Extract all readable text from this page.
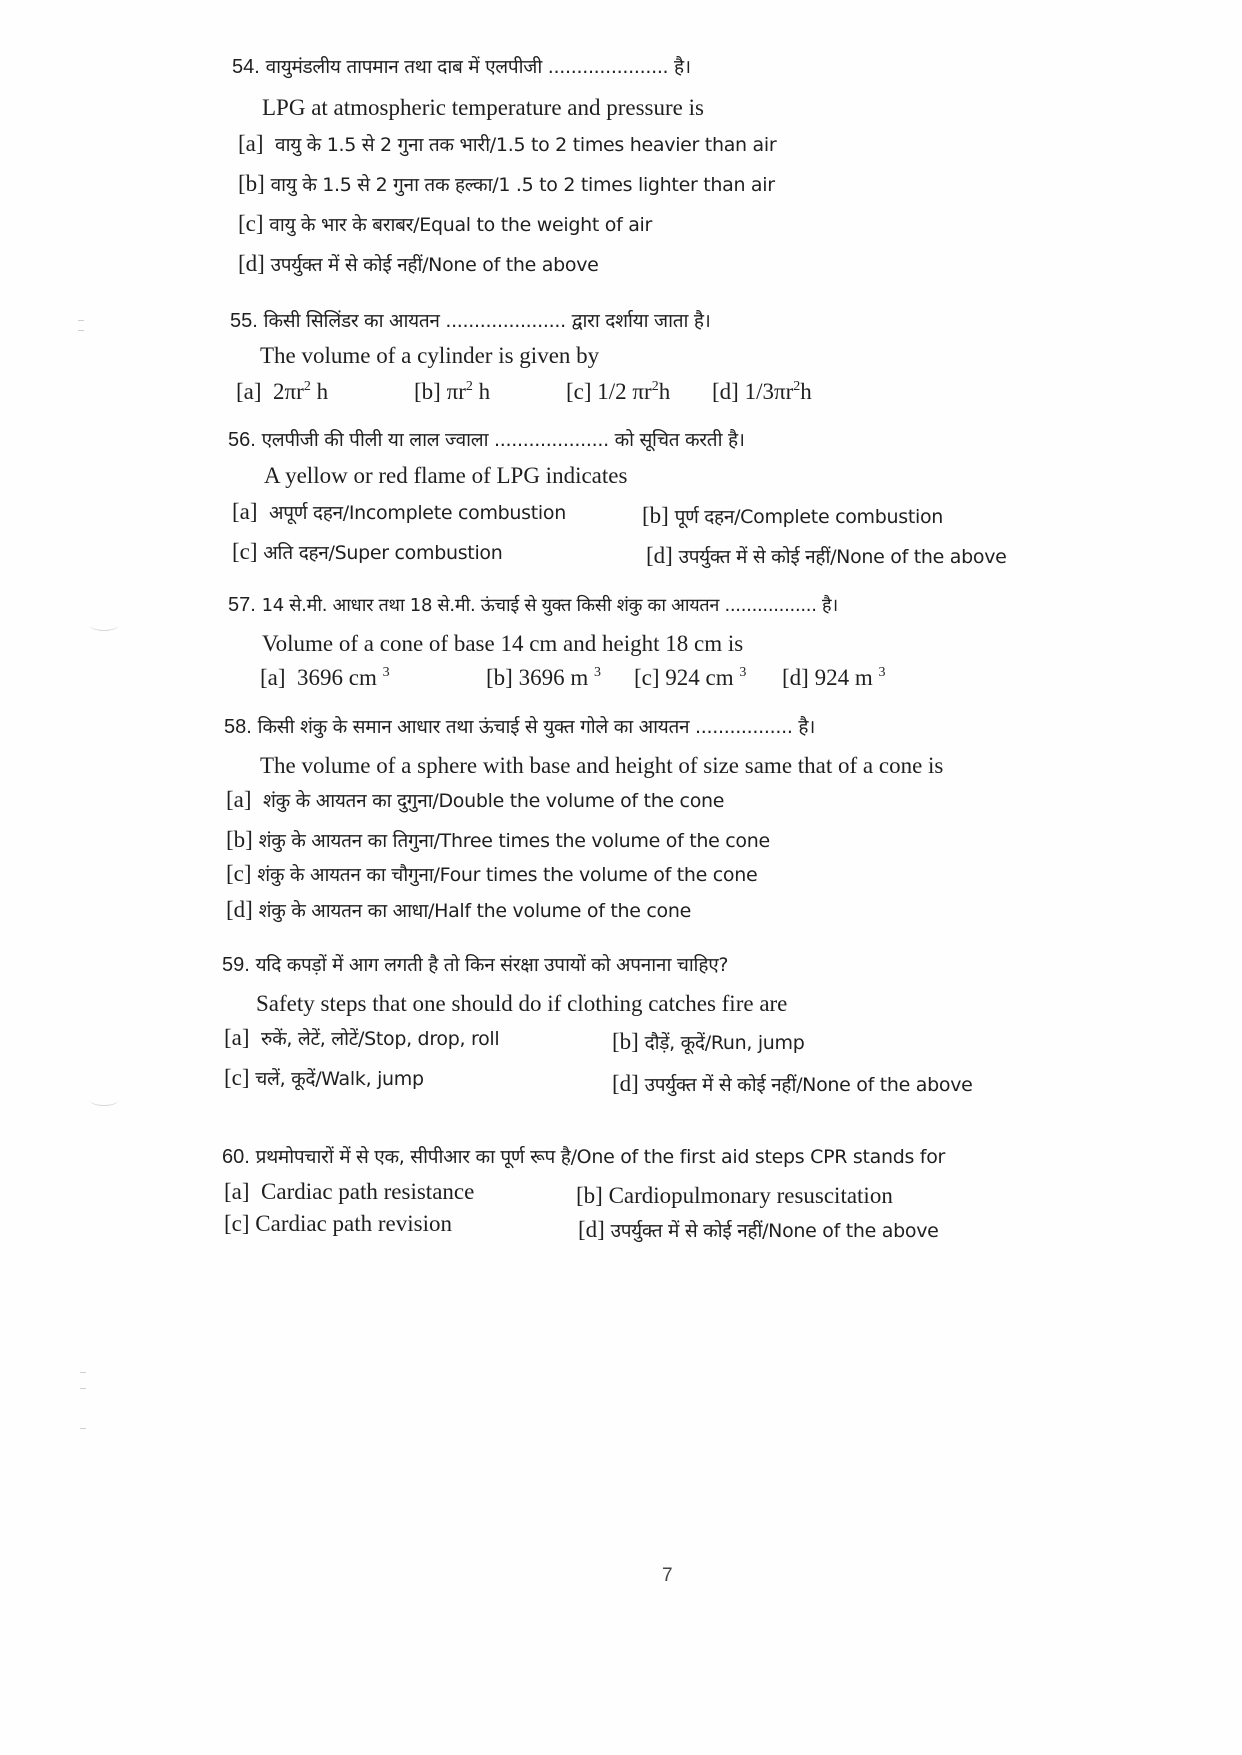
54. वायुमंडलीय तापमान तथा दाब में एलपीजी ..................... है।
LPG at atmospheric temperature and pressure is
[a] वायु के 1.5 से 2 गुना तक भारी/1.5 to 2 times heavier than air
[b] वायु के 1.5 से 2 गुना तक हल्का/1 .5 to 2 times lighter than air
[c] वायु के भार के बराबर/Equal to the weight of air
[d] उपर्युक्त में से कोई नहीं/None of the above
55. किसी सिलिंडर का आयतन ..................... द्वारा दर्शाया जाता है।
The volume of a cylinder is given by
[a] $2\pi r^2$ h	[b] $\pi r^2$ h	[c] 1/2 $\pi r^2h$ [d] $1/3\pi r^2h$
56. एलपीजी की पीली या लाल ज्वाला .................... को सूचित करती है।
A yellow or red flame of LPG indicates
[a] अपूर्ण दहन/Incomplete combustion	[b] पूर्ण दहन/Complete combustion
[c] अति दहन/Super combustion	[d] उपर्युक्त में से कोई नहीं/None of the above
57. 14 से.मी. आधार तथा 18 से.मी. ऊंचाई से युक्त किसी शंकु का आयतन ................. है।
Volume of a cone of base 14 cm and height 18 cm is
[a] 3696 cm $^3$	[b] 3696 m $^3$ [c] 924 cm $^3$ [d] 924 m $^3$
58. किसी शंकु के समान आधार तथा ऊंचाई से युक्त गोले का आयतन ................. है।
The volume of a sphere with base and height of size same that of a cone is
[a] शंकु के आयतन का दुगुना/Double the volume of the cone
[b] शंकु के आयतन का तिगुना/Three times the volume of the cone
[c] शंकु के आयतन का चौगुना/Four times the volume of the cone
[d] शंकु के आयतन का आधा/Half the volume of the cone
59. यदि कपड़ों में आग लगती है तो किन संरक्षा उपायों को अपनाना चाहिए?
Safety steps that one should do if clothing catches fire are
[a] रुकें, लेटें, लोटें/Stop, drop, roll	[b] दौड़ें, कूदें/Run, jump
[c] चलें, कूदें/Walk, jump	[d] उपर्युक्त में से कोई नहीं/None of the above
60. प्रथमोपचारों में से एक, सीपीआर का पूर्ण रूप है/One of the first aid steps CPR stands for
[a] Cardiac path resistance	[b] Cardiopulmonary resuscitation
[c] Cardiac path revision	[d] उपर्युक्त में से कोई नहीं/None of the above
7
